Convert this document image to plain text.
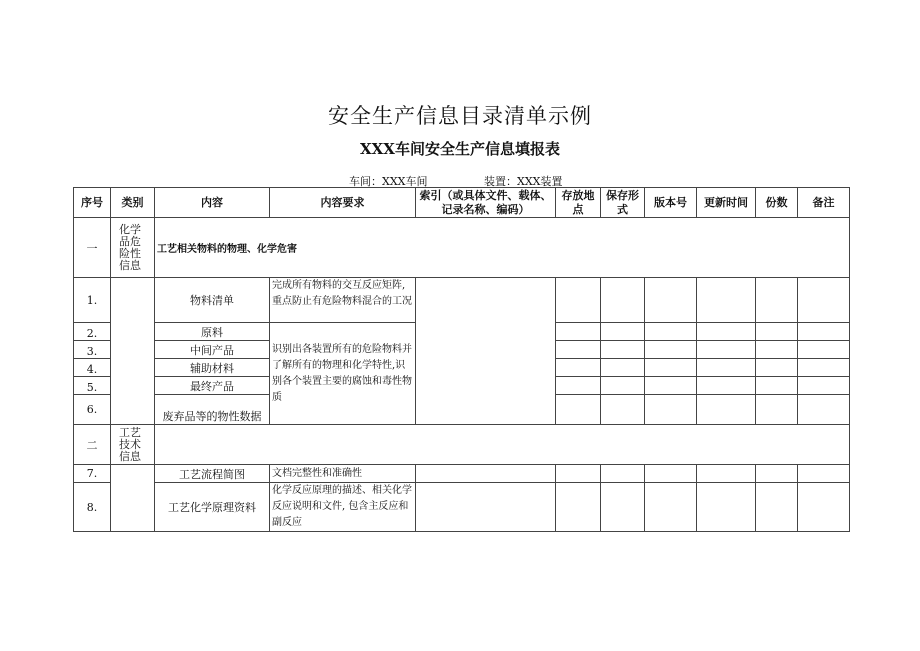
安全生产信息目录清单示例
XXX车间安全生产信息填报表
车间：XXX车间	装置：XXX装置
序号	类别	内容	内容要求	索引（或具体文件、载体、记录名称、编码）	存放地点	保存形式	版本号	更新时间	份数	备注
一	化学品危险性信息	工艺相关物料的物理、化学危害								
1.		物料清单	完成所有物料的交互反应矩阵,重点防止有危险物料混合的工况							
2.		原料	识别出各装置所有的危险物料并了解所有的物理和化学特性,识别各个装置主要的腐蚀和毒性物质							
3.		中间产品								
4.		辅助材料								
5.		最终产品								
6.		废弃品等的物性数据								
二	工艺技术信息									
7.		工艺流程简图	文档完整性和准确性							
8.		工艺化学原理资料	化学反应原理的描述、相关化学反应说明和文件, 包含主反应和副反应							
